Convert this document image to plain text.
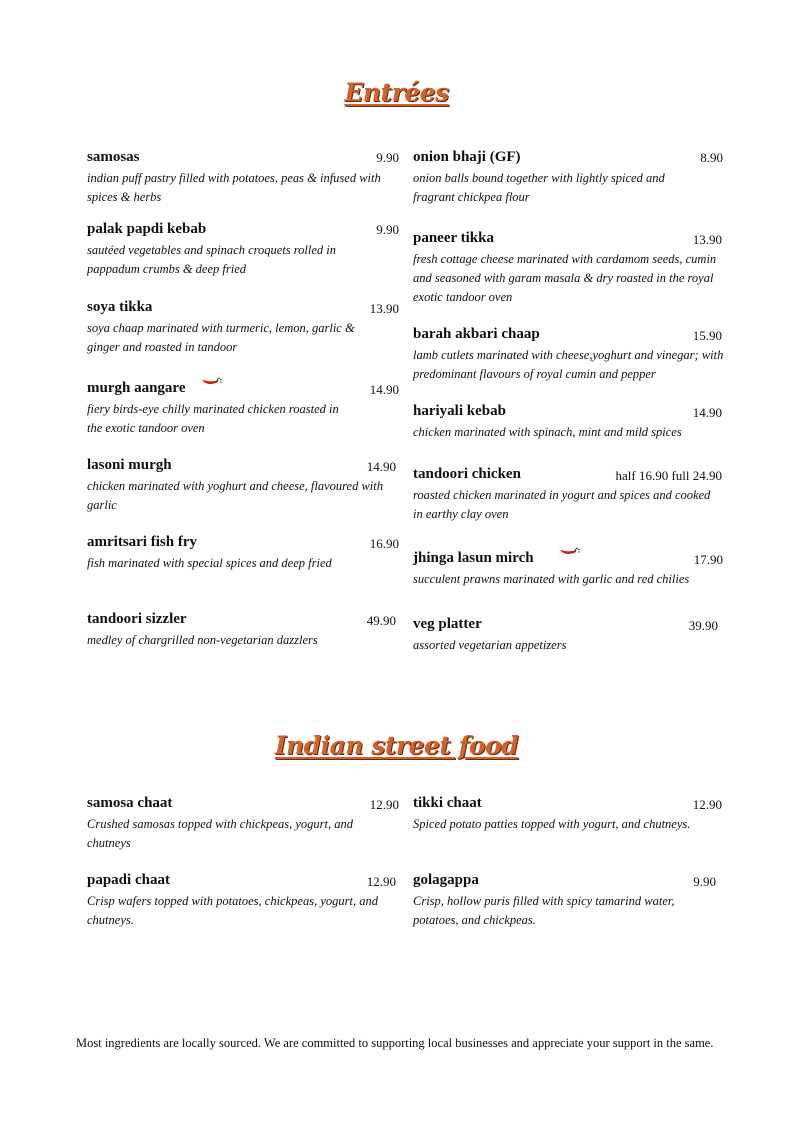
Entrées
samosas	9.90
indian puff pastry filled with potatoes, peas & infused with spices & herbs
palak papdi kebab	9.90
sautéed vegetables and spinach croquets rolled in pappadum crumbs & deep fried
soya tikka	13.90
soya chaap marinated with turmeric, lemon, garlic & ginger and roasted in tandoor
murgh aangare	14.90
fiery birds-eye chilly marinated chicken roasted in the exotic tandoor oven
lasoni murgh	14.90
chicken marinated with yoghurt and cheese, flavoured with garlic
amritsari fish fry	16.90
fish marinated with special spices and deep fried
tandoori sizzler	49.90
medley of chargrilled non-vegetarian dazzlers
onion bhaji (GF)	8.90
onion balls bound together with lightly spiced and fragrant chickpea flour
paneer tikka	13.90
fresh cottage cheese marinated with cardamom seeds, cumin and seasoned with garam masala & dry roasted in the royal exotic tandoor oven
barah akbari chaap	15.90
lamb cutlets marinated with cheese,yoghurt and vinegar; with predominant flavours of royal cumin and pepper
hariyali kebab	14.90
chicken marinated with spinach, mint and mild spices
tandoori chicken	half 16.90 full 24.90
roasted chicken marinated in yogurt and spices and cooked in earthy clay oven
jhinga lasun mirch	17.90
succulent prawns marinated with garlic and red chilies
veg platter	39.90
assorted vegetarian appetizers
Indian street food
samosa chaat	12.90
Crushed samosas topped with chickpeas, yogurt, and chutneys
papadi chaat	12.90
Crisp wafers topped with potatoes, chickpeas, yogurt, and chutneys.
tikki chaat	12.90
Spiced potato patties topped with yogurt, and chutneys.
golagappa	9.90
Crisp, hollow puris filled with spicy tamarind water, potatoes, and chickpeas.
Most ingredients are locally sourced. We are committed to supporting local businesses and appreciate your support in the same.
